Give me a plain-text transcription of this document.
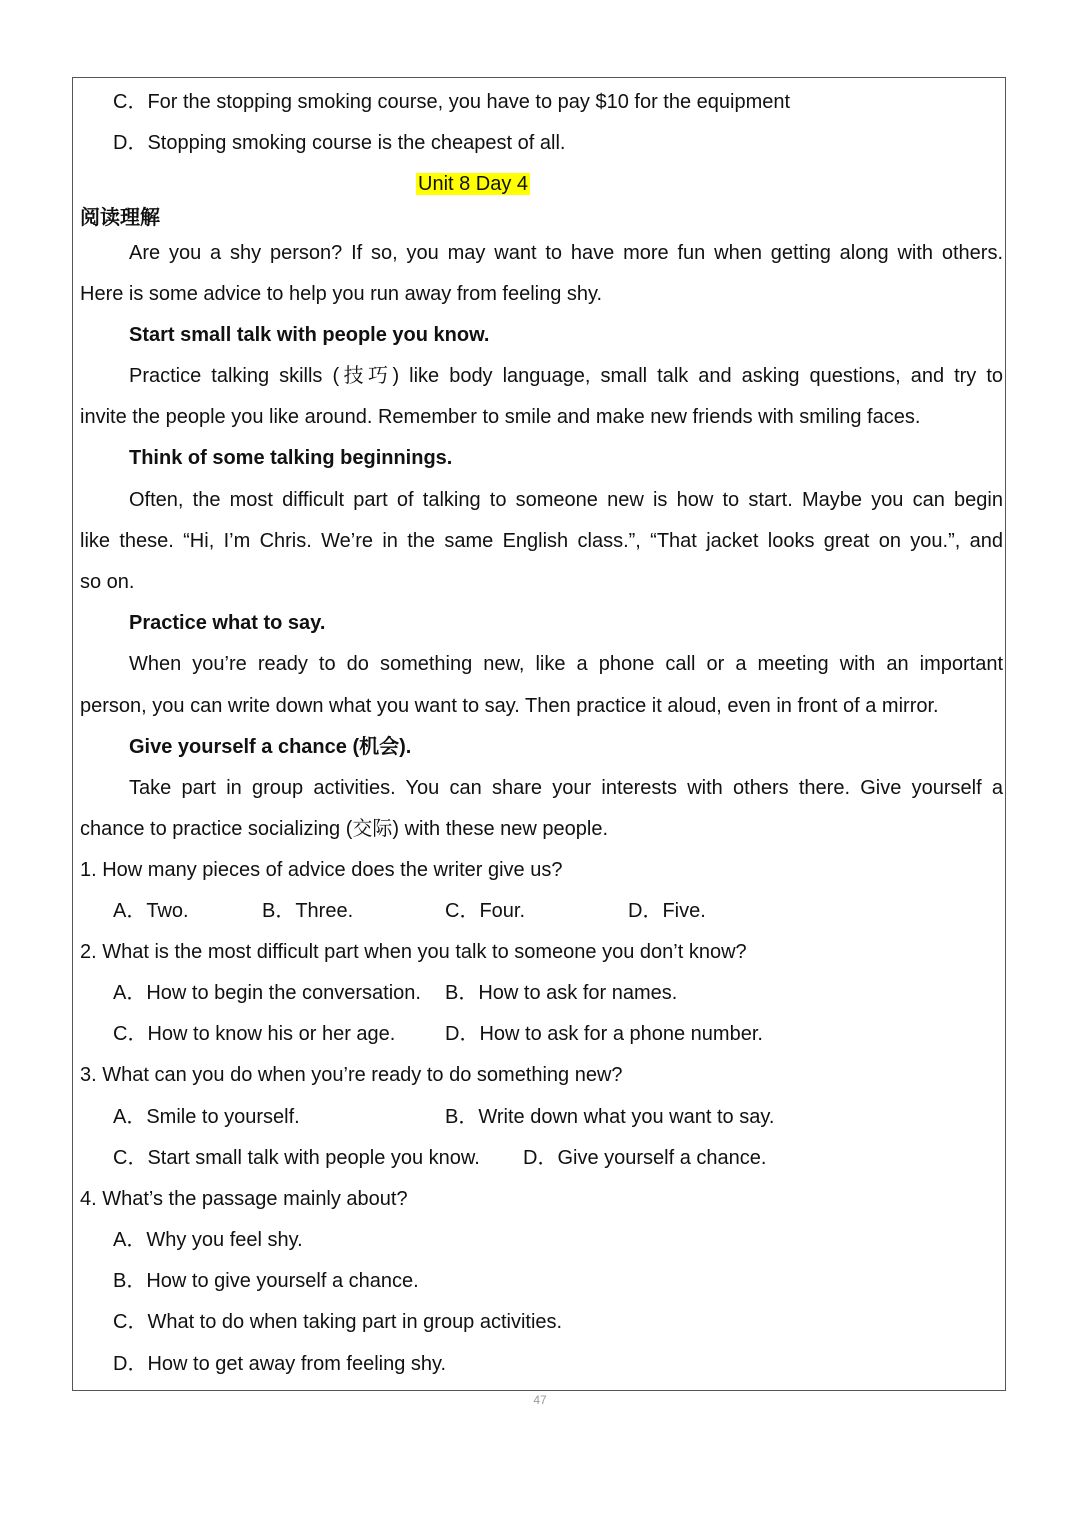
C．For the stopping smoking course, you have to pay $10 for the equipment
D．Stopping smoking course is the cheapest of all.
Unit 8 Day 4
阅读理解
Are you a shy person? If so, you may want to have more fun when getting along with others.
Here is some advice to help you run away from feeling shy.
Start small talk with people you know.
Practice talking skills (技巧) like body language, small talk and asking questions, and try to
invite the people you like around. Remember to smile and make new friends with smiling faces.
Think of some talking beginnings.
Often, the most difficult part of talking to someone new is how to start. Maybe you can begin
like these. “Hi, I’m Chris. We’re in the same English class.”, “That jacket looks great on you.”, and
so on.
Practice what to say.
When you’re ready to do something new, like a phone call or a meeting with an important
person, you can write down what you want to say. Then practice it aloud, even in front of a mirror.
Give yourself a chance (机会).
Take part in group activities. You can share your interests with others there. Give yourself a
chance to practice socializing (交际) with these new people.
1. How many pieces of advice does the writer give us?
A．Two.	B．Three.	C．Four.	D．Five.
2. What is the most difficult part when you talk to someone you don’t know?
A．How to begin the conversation. B．How to ask for names.
C．How to know his or her age. D．How to ask for a phone number.
3. What can you do when you’re ready to do something new?
A．Smile to yourself.	B．Write down what you want to say.
C．Start small talk with people you know. D．Give yourself a chance.
4. What’s the passage mainly about?
A．Why you feel shy.
B．How to give yourself a chance.
C．What to do when taking part in group activities.
D．How to get away from feeling shy.
47
